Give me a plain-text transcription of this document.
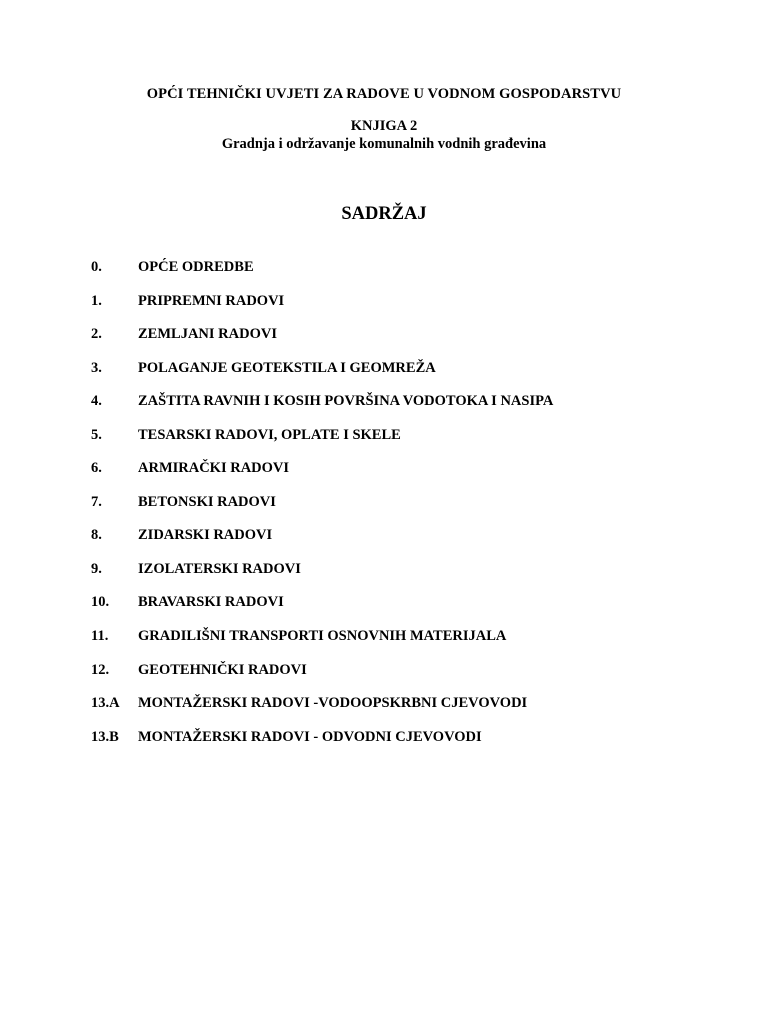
OPĆI TEHNIČKI UVJETI ZA RADOVE U VODNOM GOSPODARSTVU
KNJIGA 2
Gradnja i održavanje komunalnih vodnih građevina
SADRŽAJ
0.	OPĆE ODREDBE
1.	PRIPREMNI RADOVI
2.	ZEMLJANI RADOVI
3.	POLAGANJE GEOTEKSTILA I GEOMREŽA
4.	ZAŠTITA RAVNIH I KOSIH POVRŠINA VODOTOKA I NASIPA
5.	TESARSKI RADOVI, OPLATE I SKELE
6.	ARMIRAČKI RADOVI
7.	BETONSKI RADOVI
8.	ZIDARSKI RADOVI
9.	IZOLATERSKI RADOVI
10.	BRAVARSKI RADOVI
11.	GRADILIŠNI TRANSPORTI OSNOVNIH MATERIJALA
12.	GEOTEHNIČKI RADOVI
13.A	MONTAŽERSKI RADOVI -VODOOPSKRBNI CJEVOVODI
13.B	MONTAŽERSKI RADOVI - ODVODNI CJEVOVODI
